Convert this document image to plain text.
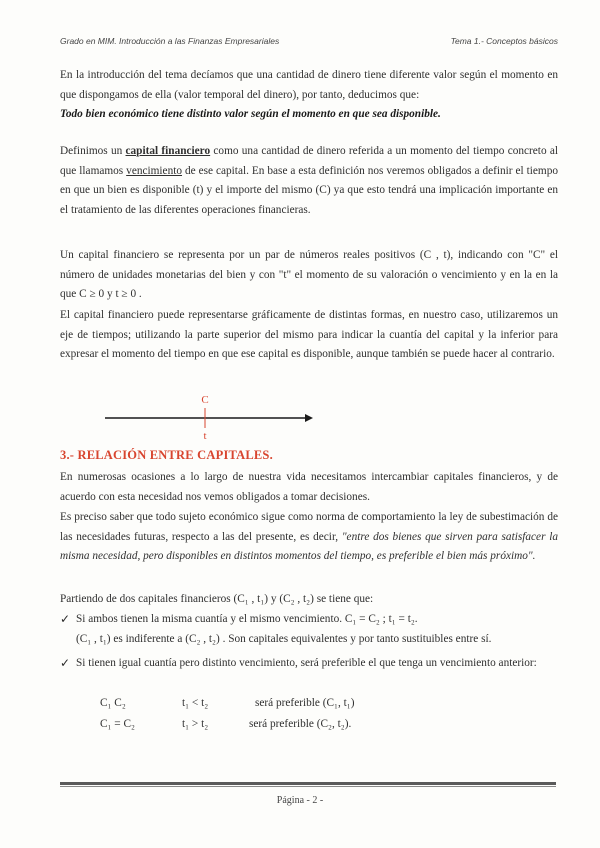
Grado en MIM. Introducción a las Finanzas Empresariales	Tema 1.- Conceptos básicos

En la introducción del tema decíamos que una cantidad de dinero tiene diferente valor según el momento en que dispongamos de ella (valor temporal del dinero), por tanto, deducimos que:
Todo bien económico tiene distinto valor según el momento en que sea disponible.

Definimos un capital financiero como una cantidad de dinero referida a un momento del tiempo concreto al que llamamos vencimiento de ese capital. En base a esta definición nos veremos obligados a definir el tiempo en que un bien es disponible (t) y el importe del mismo (C) ya que esto tendrá una implicación importante en el tratamiento de las diferentes operaciones financieras.

Un capital financiero se representa por un par de números reales positivos (C , t), indicando con "C" el número de unidades monetarias del bien y con "t" el momento de su valoración o vencimiento y en la en la que C ≥ 0 y t ≥ 0 .

El capital financiero puede representarse gráficamente de distintas formas, en nuestro caso, utilizaremos un eje de tiempos; utilizando la parte superior del mismo para indicar la cuantía del capital y la inferior para expresar el momento del tiempo en que ese capital es disponible, aunque también se puede hacer al contrario.

C
t
3.- RELACIÓN ENTRE CAPITALES.

En numerosas ocasiones a lo largo de nuestra vida necesitamos intercambiar capitales financieros, y de acuerdo con esta necesidad nos vemos obligados a tomar decisiones.

Es preciso saber que todo sujeto económico sigue como norma de comportamiento la ley de subestimación de las necesidades futuras, respecto a las del presente, es decir, "entre dos bienes que sirven para satisfacer la misma necesidad, pero disponibles en distintos momentos del tiempo, es preferible el bien más próximo".

Partiendo de dos capitales financieros (C₁ , t₁) y (C₂ , t₂) se tiene que:

✓ Si ambos tienen la misma cuantía y el mismo vencimiento. C₁ = C₂ ; t₁ = t₂.
(C₁ , t₁) es indiferente a (C₂ , t₂) . Son capitales equivalentes y por tanto sustituibles entre sí.

✓ Si tienen igual cuantía pero distinto vencimiento, será preferible el que tenga un vencimiento anterior:

C₁ C₂	t₁ < t₂	será preferible (C₁, t₁)
C₁ = C₂	t₁ > t₂	será preferible (C₂, t₂).
Página - 2 -
